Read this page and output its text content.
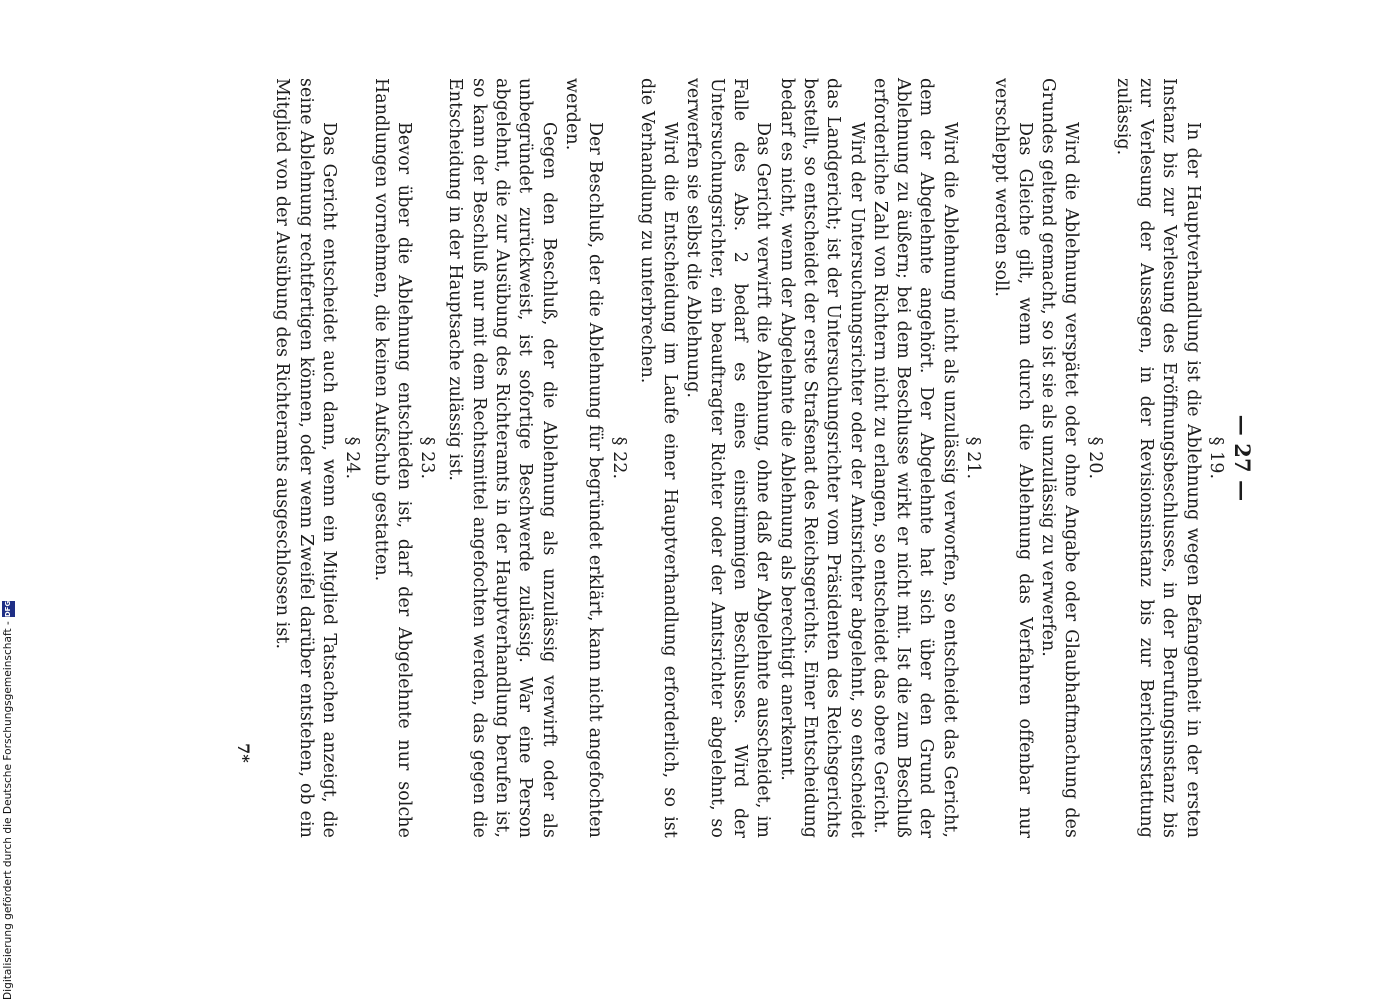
— 27 —

§ 19.

In der Hauptverhandlung ist die Ablehnung wegen Befangenheit in der ersten Instanz bis zur Verlesung des Eröffnungsbeschlusses, in der Berufungsinstanz bis zur Verlesung der Aussagen, in der Revisionsinstanz bis zur Berichterstattung zulässig.

§ 20.

Wird die Ablehnung verspätet oder ohne Angabe oder Glaubhaftmachung des Grundes geltend gemacht, so ist sie als unzulässig zu verwerfen.

Das Gleiche gilt, wenn durch die Ablehnung das Verfahren offenbar nur verschleppt werden soll.

§ 21.

Wird die Ablehnung nicht als unzulässig verworfen, so entscheidet das Gericht, dem der Abgelehnte angehört. Der Abgelehnte hat sich über den Grund der Ablehnung zu äußern; bei dem Beschlusse wirkt er nicht mit. Ist die zum Beschluß erforderliche Zahl von Richtern nicht zu erlangen, so entscheidet das obere Gericht.

Wird der Untersuchungsrichter oder der Amtsrichter abgelehnt, so entscheidet das Landgericht; ist der Untersuchungsrichter vom Präsidenten des Reichsgerichts bestellt, so entscheidet der erste Strafsenat des Reichsgerichts. Einer Entscheidung bedarf es nicht, wenn der Abgelehnte die Ablehnung als berechtigt anerkennt.

Das Gericht verwirft die Ablehnung, ohne daß der Abgelehnte ausscheidet, im Falle des Abs. 2 bedarf es eines einstimmigen Beschlusses. Wird der Untersuchungsrichter, ein beauftragter Richter oder der Amtsrichter abgelehnt, so verwerfen sie selbst die Ablehnung.

Wird die Entscheidung im Laufe einer Hauptverhandlung erforderlich, so ist die Verhandlung zu unterbrechen.

§ 22.

Der Beschluß, der die Ablehnung für begründet erklärt, kann nicht angefochten werden.

Gegen den Beschluß, der die Ablehnung als unzulässig verwirft oder als unbegründet zurückweist, ist sofortige Beschwerde zulässig. War eine Person abgelehnt, die zur Ausübung des Richteramts in der Hauptverhandlung berufen ist, so kann der Beschluß nur mit dem Rechtsmittel angefochten werden, das gegen die Entscheidung in der Hauptsache zulässig ist.

§ 23.

Bevor über die Ablehnung entschieden ist, darf der Abgelehnte nur solche Handlungen vornehmen, die keinen Aufschub gestatten.

§ 24.

Das Gericht entscheidet auch dann, wenn ein Mitglied Tatsachen anzeigt, die seine Ablehnung rechtfertigen können, oder wenn Zweifel darüber entstehen, ob ein Mitglied von der Ausübung des Richteramts ausgeschlossen ist.

7*
Digitalisierung gefördert durch die Deutsche Forschungsgemeinschaft -
DFG
